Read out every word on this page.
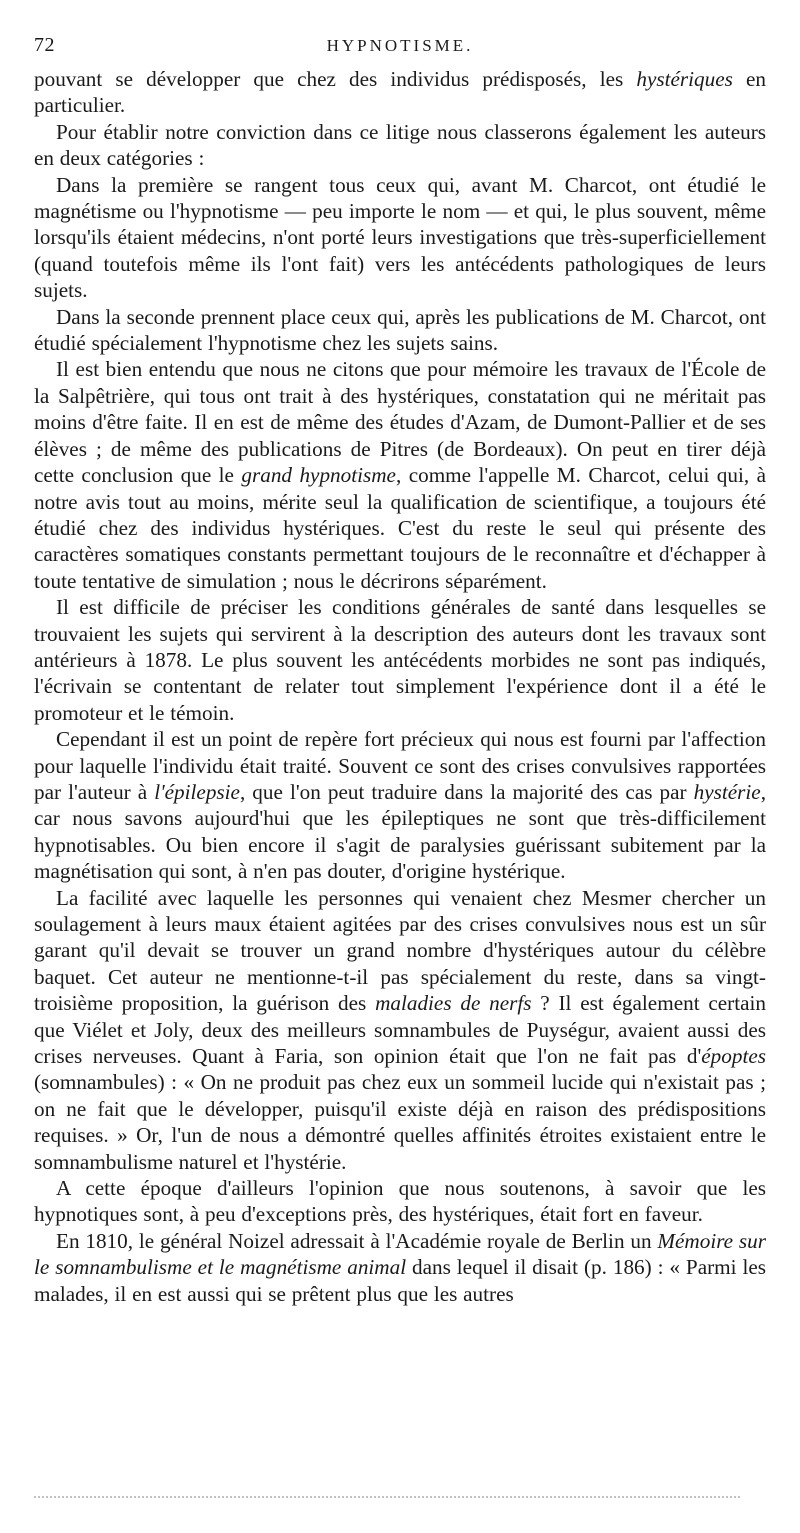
72	HYPNOTISME.

pouvant se développer que chez des individus prédisposés, les hystériques en particulier.

Pour établir notre conviction dans ce litige nous classerons également les auteurs en deux catégories :

Dans la première se rangent tous ceux qui, avant M. Charcot, ont étudié le magnétisme ou l'hypnotisme — peu importe le nom — et qui, le plus souvent, même lorsqu'ils étaient médecins, n'ont porté leurs investigations que très-superficiellement (quand toutefois même ils l'ont fait) vers les antécédents pathologiques de leurs sujets.

Dans la seconde prennent place ceux qui, après les publications de M. Charcot, ont étudié spécialement l'hypnotisme chez les sujets sains.

Il est bien entendu que nous ne citons que pour mémoire les travaux de l'École de la Salpêtrière, qui tous ont trait à des hystériques, constatation qui ne méritait pas moins d'être faite. Il en est de même des études d'Azam, de Dumont-Pallier et de ses élèves ; de même des publications de Pitres (de Bordeaux). On peut en tirer déjà cette conclusion que le grand hypnotisme, comme l'appelle M. Charcot, celui qui, à notre avis tout au moins, mérite seul la qualification de scientifique, a toujours été étudié chez des individus hystériques. C'est du reste le seul qui présente des caractères somatiques constants permettant toujours de le reconnaître et d'échapper à toute tentative de simulation ; nous le décrirons séparément.

Il est difficile de préciser les conditions générales de santé dans lesquelles se trouvaient les sujets qui servirent à la description des auteurs dont les travaux sont antérieurs à 1878. Le plus souvent les antécédents morbides ne sont pas indiqués, l'écrivain se contentant de relater tout simplement l'expérience dont il a été le promoteur et le témoin.

Cependant il est un point de repère fort précieux qui nous est fourni par l'affection pour laquelle l'individu était traité. Souvent ce sont des crises convulsives rapportées par l'auteur à l'épilepsie, que l'on peut traduire dans la majorité des cas par hystérie, car nous savons aujourd'hui que les épileptiques ne sont que très-difficilement hypnotisables. Ou bien encore il s'agit de paralysies guérissant subitement par la magnétisation qui sont, à n'en pas douter, d'origine hystérique.

La facilité avec laquelle les personnes qui venaient chez Mesmer chercher un soulagement à leurs maux étaient agitées par des crises convulsives nous est un sûr garant qu'il devait se trouver un grand nombre d'hystériques autour du célèbre baquet. Cet auteur ne mentionne-t-il pas spécialement du reste, dans sa vingt-troisième proposition, la guérison des maladies de nerfs ? Il est également certain que Viélet et Joly, deux des meilleurs somnambules de Puységur, avaient aussi des crises nerveuses. Quant à Faria, son opinion était que l'on ne fait pas d'époptes (somnambules) : « On ne produit pas chez eux un sommeil lucide qui n'existait pas ; on ne fait que le développer, puisqu'il existe déjà en raison des prédispositions requises. » Or, l'un de nous a démontré quelles affinités étroites existaient entre le somnambulisme naturel et l'hystérie.

A cette époque d'ailleurs l'opinion que nous soutenons, à savoir que les hypnotiques sont, à peu d'exceptions près, des hystériques, était fort en faveur.

En 1810, le général Noizel adressait à l'Académie royale de Berlin un Mémoire sur le somnambulisme et le magnétisme animal dans lequel il disait (p. 186) : « Parmi les malades, il en est aussi qui se prêtent plus que les autres
